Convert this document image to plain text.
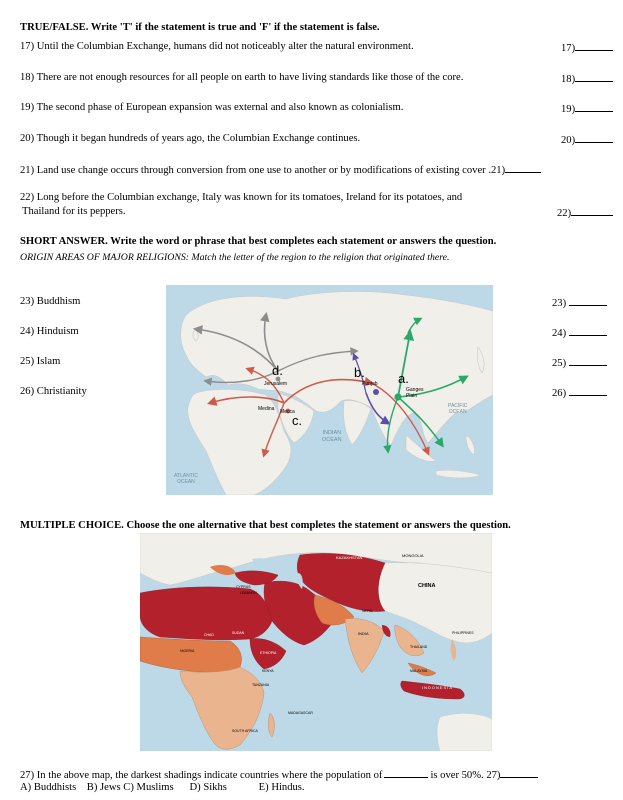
TRUE/FALSE. Write 'T' if the statement is true and 'F' if the statement is false.
17) Until the Columbian Exchange, humans did not noticeably alter the natural environment.	17)
18) There are not enough resources for all people on earth to have living standards like those of the core.	18)
19) The second phase of European expansion was external and also known as colonialism.	19)
20) Though it began hundreds of years ago, the Columbian Exchange continues.	20)
21) Land use change occurs through conversion from one use to another or by modifications of existing cover .21)
22) Long before the Columbian exchange, Italy was known for its tomatoes, Ireland for its potatoes, and
Thailand for its peppers.	22)
SHORT ANSWER. Write the word or phrase that best completes each statement or answers the question.
ORIGIN AREAS OF MAJOR RELIGIONS: Match the letter of the region to the religion that originated there.
23) Buddhism
24) Hinduism
25) Islam
26) Christianity
23)
24)
25)
26)
d.	b.	a.
c.
Jerusalem
Mecca
Medina
Punjab
Ganges
Plain
INDIAN
OCEAN
PACIFIC
OCEAN
ATLANTIC
OCEAN
MULTIPLE CHOICE. Choose the one alternative that best completes the statement or answers the question.
CHINA
MONGOLIA
KAZAKHSTAN
INDIA
NEPAL
THAILAND
PHILIPPINES
MALAYSIA
INDONESIA
MADAGASCAR
SOUTH AFRICA
KENYA
TANZANIA
NIGERIA
CHAD	SUDAN
ETHIOPIA
CYPRUS
LEBANON
27) In the above map, the darkest shadings indicate countries where the population of	is over 50%. 27)
A) Buddhists    B) Jews C) Muslims      D) Sikhs            E) Hindus.
